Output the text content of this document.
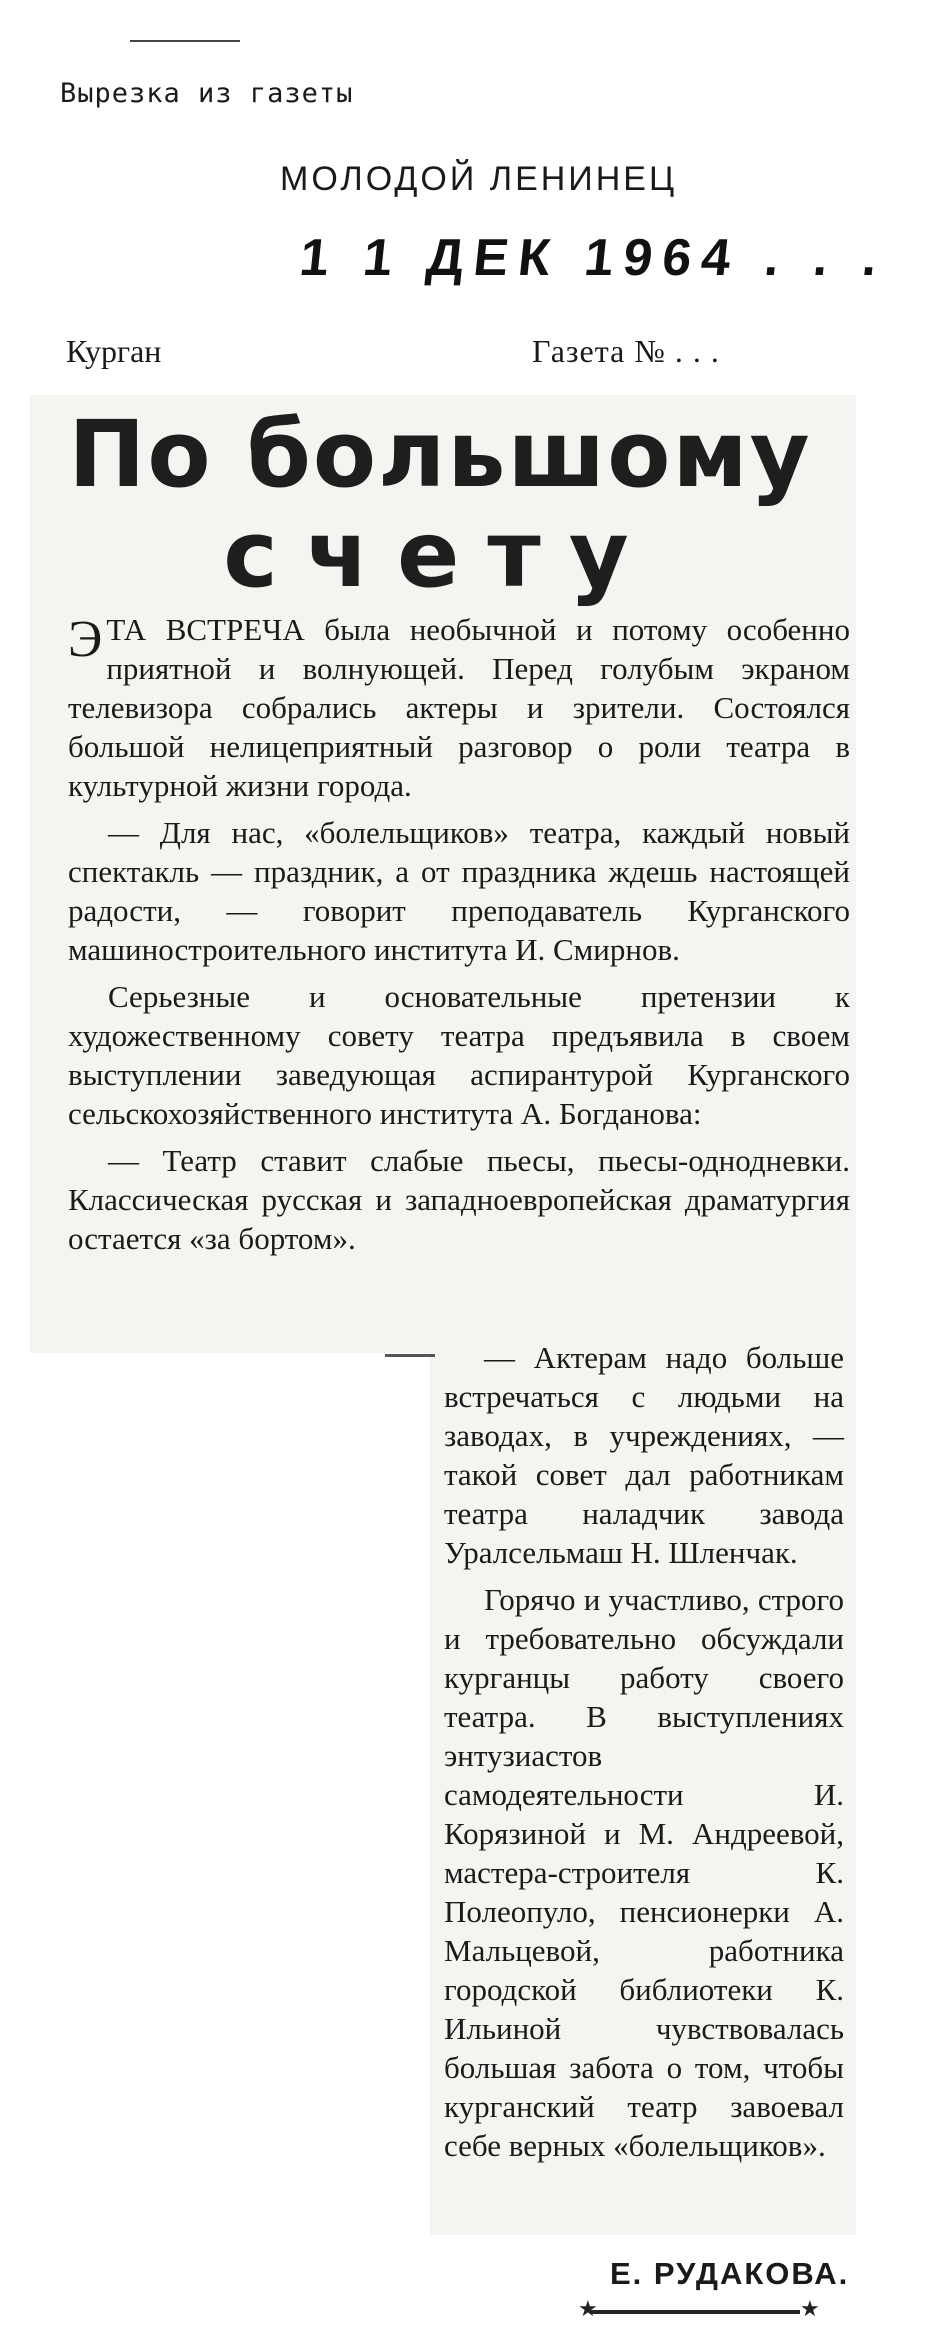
Вырезка из газеты
МОЛОДОЙ ЛЕНИНЕЦ
1 1 ДЕК 1964 . . .
Курган	Газета № . . .
По большому
счету

ЭТА ВСТРЕЧА была необычной и потому особенно приятной и волнующей. Перед голубым экраном телевизора собрались актеры и зрители. Состоялся большой нелицеприятный разговор о роли театра в культурной жизни города.

— Для нас, «болельщиков» театра, каждый новый спектакль — праздник, а от праздника ждешь настоящей радости, — говорит преподаватель Курганского машиностроительного института И. Смирнов.

Серьезные и основательные претензии к художественному совету театра предъявила в своем выступлении заведующая аспирантурой Курганского сельскохозяйственного института А. Богданова:

— Театр ставит слабые пьесы, пьесы-однодневки. Классическая русская и западноевропейская драматургия остается «за бортом».

— Актерам надо больше встречаться с людьми на заводах, в учреждениях, — такой совет дал работникам театра наладчик завода Уралсельмаш Н. Шленчак.

Горячо и участливо, строго и требовательно обсуждали курганцы работу своего театра. В выступлениях энтузиастов самодеятельности И. Корязиной и М. Андреевой, мастера-строителя К. Полеопуло, пенсионерки А. Мальцевой, работника городской библиотеки К. Ильиной чувствовалась большая забота о том, чтобы курганский театр завоевал себе верных «болельщиков».

Е. РУДАКОВА.
★	★
